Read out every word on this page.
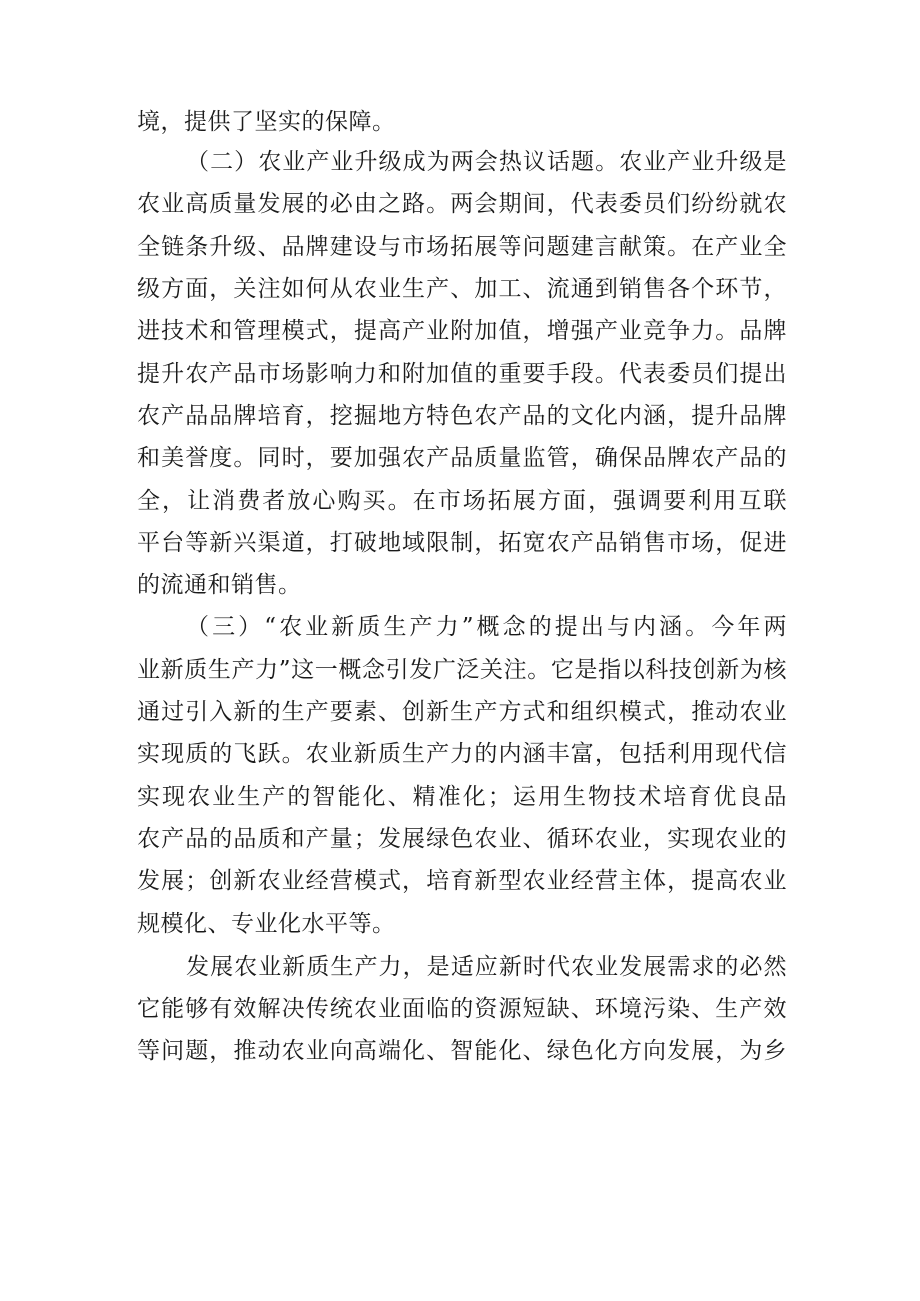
境，提供了坚实的保障。
（二）农业产业升级成为两会热议话题。农业产业升级是
农业高质量发展的必由之路。两会期间，代表委员们纷纷就农
全链条升级、品牌建设与市场拓展等问题建言献策。在产业全
级方面，关注如何从农业生产、加工、流通到销售各个环节，
进技术和管理模式，提高产业附加值，增强产业竞争力。品牌
提升农产品市场影响力和附加值的重要手段。代表委员们提出
农产品品牌培育，挖掘地方特色农产品的文化内涵，提升品牌
和美誉度。同时，要加强农产品质量监管，确保品牌农产品的
全，让消费者放心购买。在市场拓展方面，强调要利用互联
平台等新兴渠道，打破地域限制，拓宽农产品销售市场，促进
的流通和销售。
（三）“农业新质生产力”概念的提出与内涵。今年两
业新质生产力”这一概念引发广泛关注。它是指以科技创新为核
通过引入新的生产要素、创新生产方式和组织模式，推动农业
实现质的飞跃。农业新质生产力的内涵丰富，包括利用现代信
实现农业生产的智能化、精准化；运用生物技术培育优良品
农产品的品质和产量；发展绿色农业、循环农业，实现农业的
发展；创新农业经营模式，培育新型农业经营主体，提高农业
规模化、专业化水平等。
发展农业新质生产力，是适应新时代农业发展需求的必然
它能够有效解决传统农业面临的资源短缺、环境污染、生产效
等问题，推动农业向高端化、智能化、绿色化方向发展，为乡
